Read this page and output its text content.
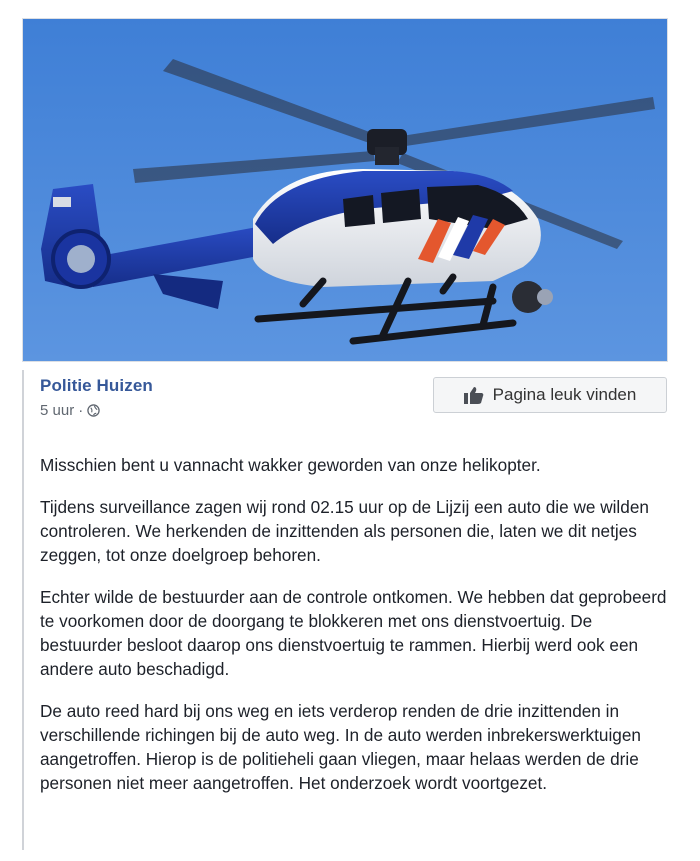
Politie Huizen
5 uur ·
Pagina leuk vinden

Misschien bent u vannacht wakker geworden van onze helikopter.

Tijdens surveillance zagen wij rond 02.15 uur op de Lijzij een auto die we wilden controleren. We herkenden de inzittenden als personen die, laten we dit netjes zeggen, tot onze doelgroep behoren.

Echter wilde de bestuurder aan de controle ontkomen. We hebben dat geprobeerd te voorkomen door de doorgang te blokkeren met ons dienstvoertuig. De bestuurder besloot daarop ons dienstvoertuig te rammen. Hierbij werd ook een andere auto beschadigd.

De auto reed hard bij ons weg en iets verderop renden de drie inzittenden in verschillende richingen bij de auto weg. In de auto werden inbrekerswerktuigen aangetroffen. Hierop is de politieheli gaan vliegen, maar helaas werden de drie personen niet meer aangetroffen. Het onderzoek wordt voortgezet.
